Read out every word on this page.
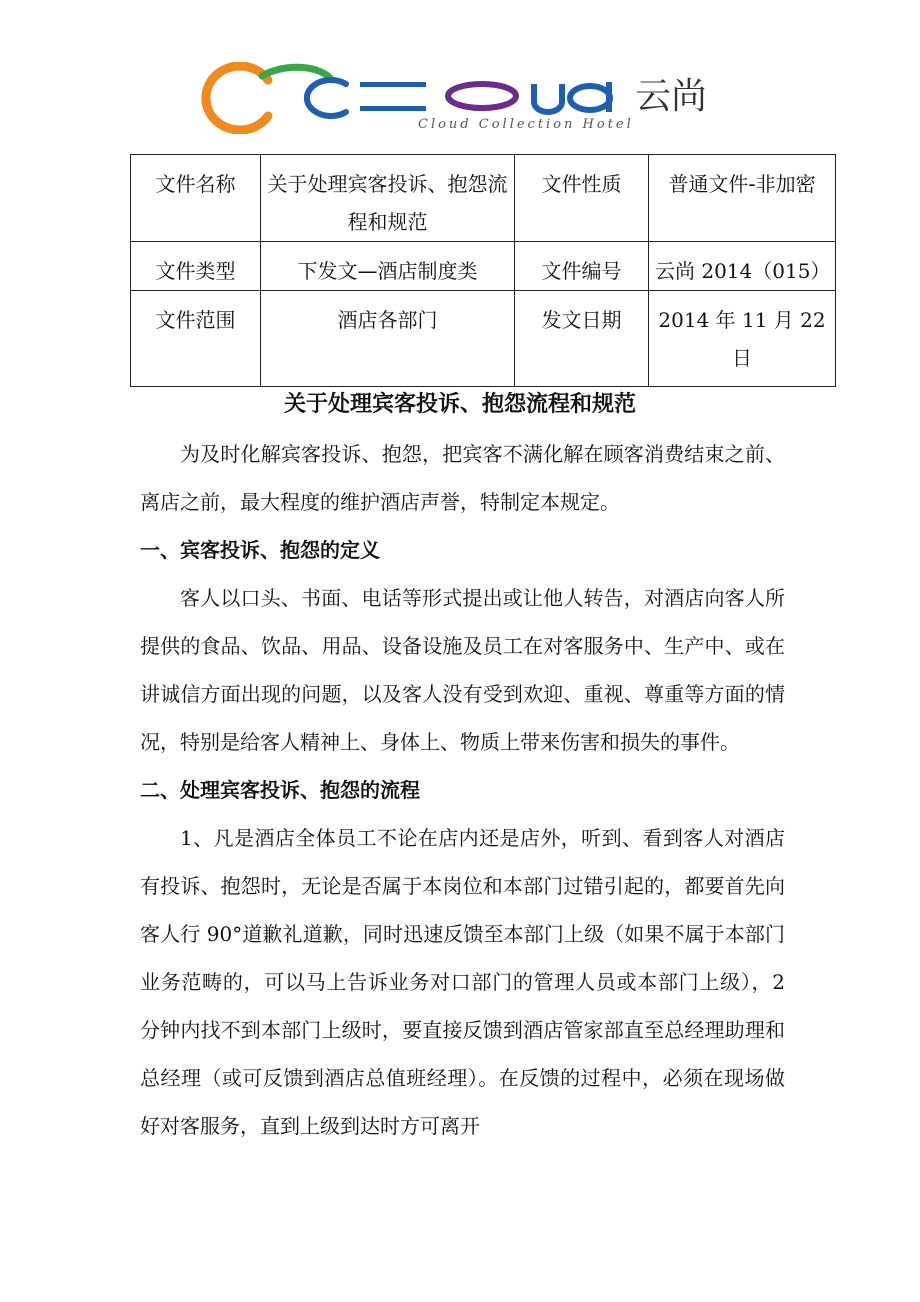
云尚
Cloud Collection Hotel
文件名称	关于处理宾客投诉、抱怨流程和规范	文件性质	普通文件-非加密
文件类型	下发文—酒店制度类	文件编号	云尚 2014（015）
文件范围	酒店各部门	发文日期	2014 年 11 月 22 日
关于处理宾客投诉、抱怨流程和规范

为及时化解宾客投诉、抱怨，把宾客不满化解在顾客消费结束之前、离店之前，最大程度的维护酒店声誉，特制定本规定。

一、宾客投诉、抱怨的定义

客人以口头、书面、电话等形式提出或让他人转告，对酒店向客人所提供的食品、饮品、用品、设备设施及员工在对客服务中、生产中、或在讲诚信方面出现的问题，以及客人没有受到欢迎、重视、尊重等方面的情况，特别是给客人精神上、身体上、物质上带来伤害和损失的事件。

二、处理宾客投诉、抱怨的流程

1、凡是酒店全体员工不论在店内还是店外，听到、看到客人对酒店有投诉、抱怨时，无论是否属于本岗位和本部门过错引起的，都要首先向客人行 90°道歉礼道歉，同时迅速反馈至本部门上级（如果不属于本部门业务范畴的，可以马上告诉业务对口部门的管理人员或本部门上级），2 分钟内找不到本部门上级时，要直接反馈到酒店管家部直至总经理助理和总经理（或可反馈到酒店总值班经理）。在反馈的过程中，必须在现场做好对客服务，直到上级到达时方可离开
